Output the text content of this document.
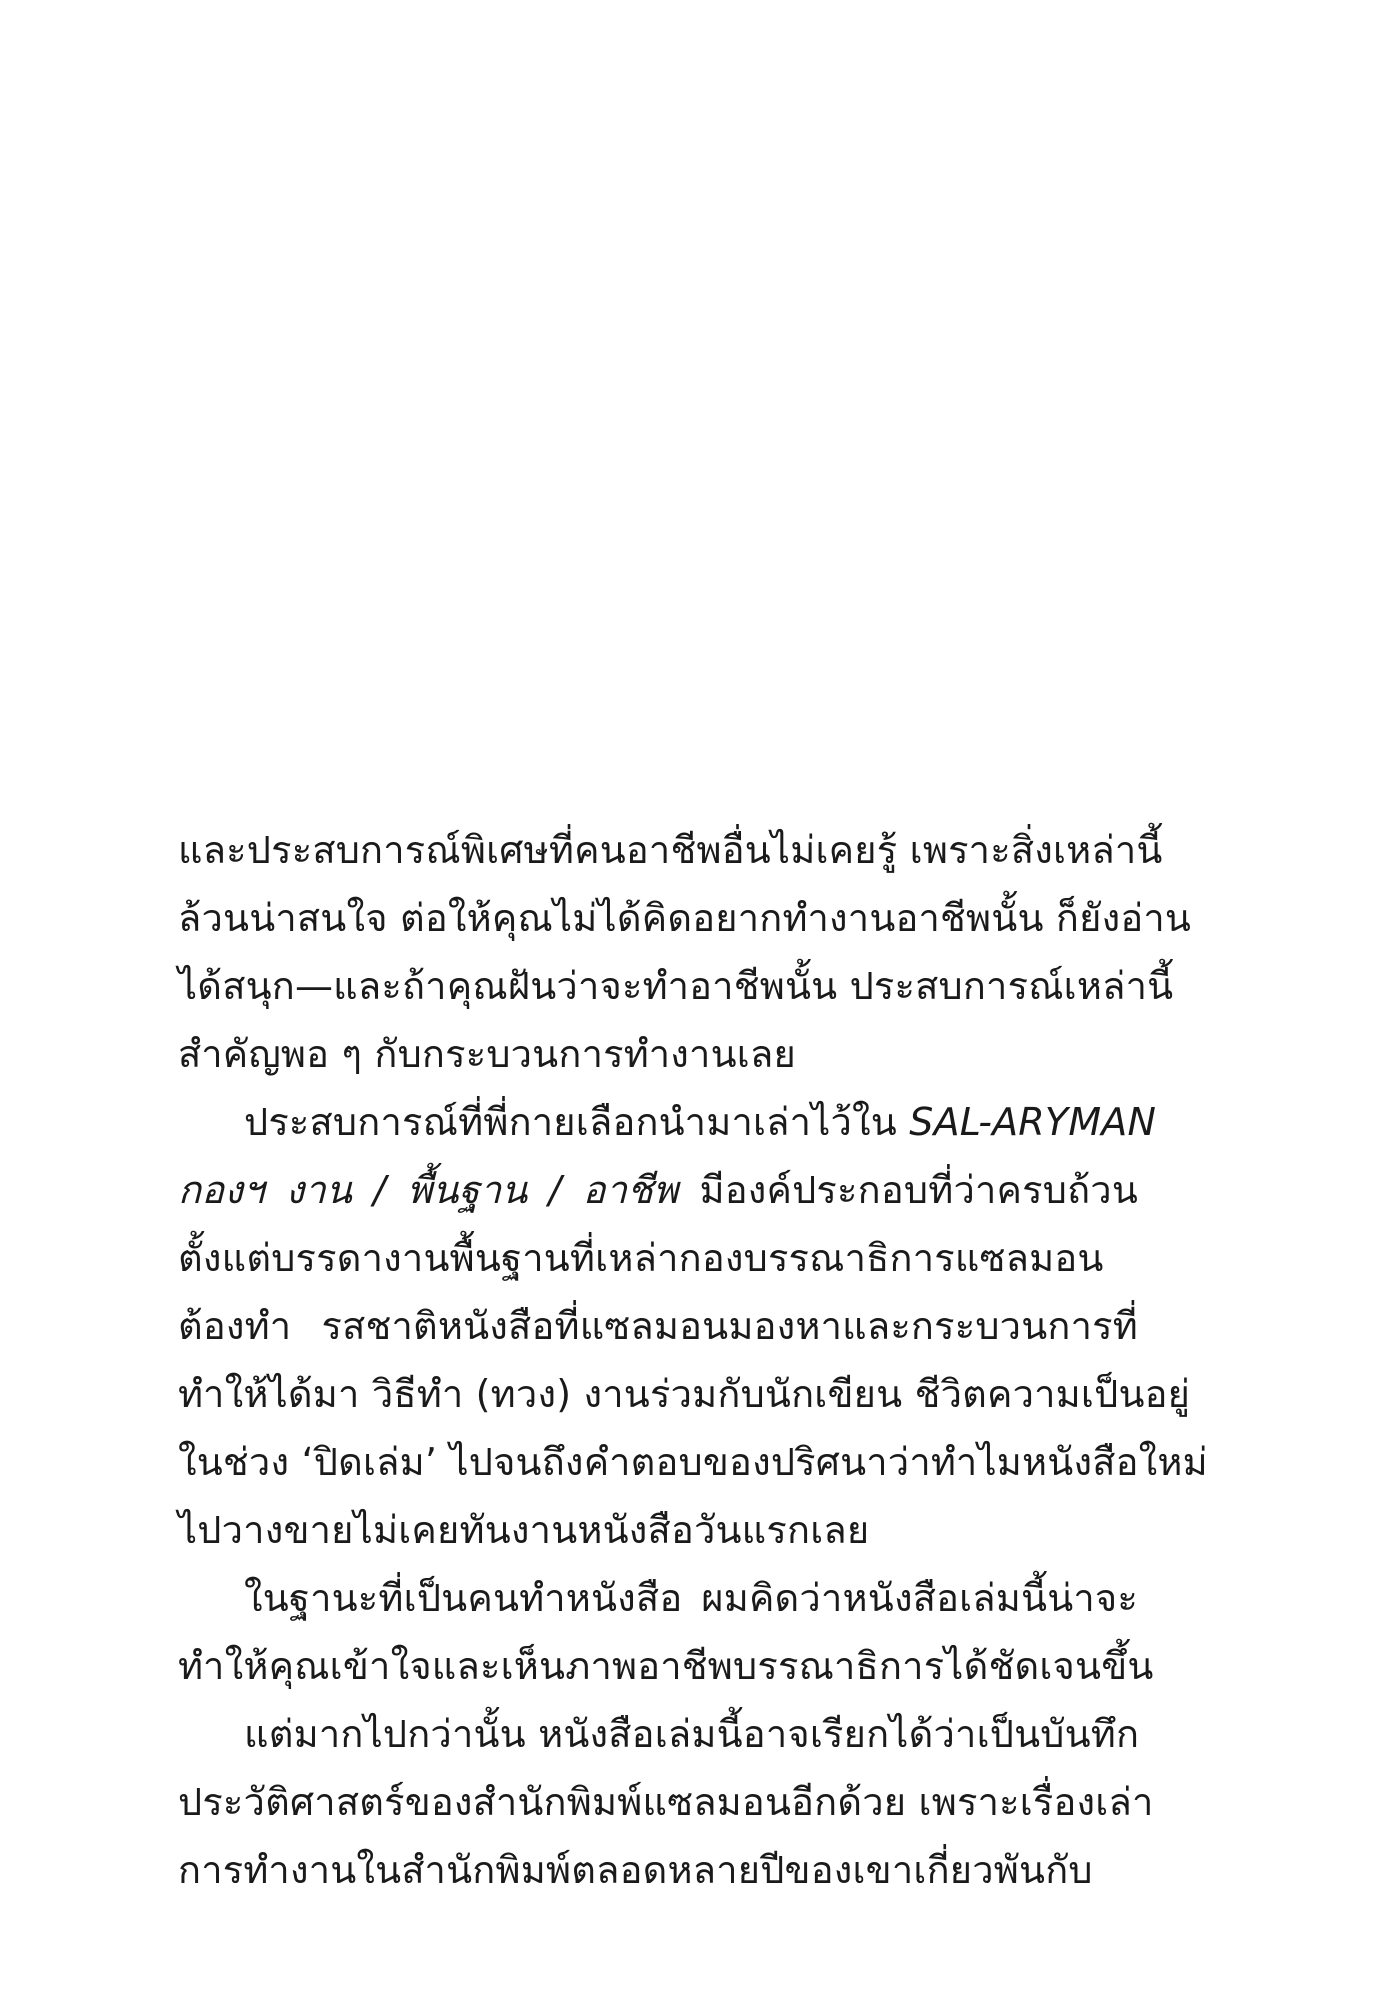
และประสบการณ์พิเศษที่คนอาชีพอื่นไม่เคยรู้ เพราะสิ่งเหล่านี้
ล้วนน่าสนใจ ต่อให้คุณไม่ได้คิดอยากทำงานอาชีพนั้น ก็ยังอ่าน
ได้สนุก—และถ้าคุณฝันว่าจะทำอาชีพนั้น ประสบการณ์เหล่านี้
สำคัญพอ ๆ กับกระบวนการทำงานเลย
ประสบการณ์ที่พี่กายเลือกนำมาเล่าไว้ใน SAL-ARYMAN
กองฯ งาน / พื้นฐาน / อาชีพ มีองค์ประกอบที่ว่าครบถ้วน
ตั้งแต่บรรดางานพื้นฐานที่เหล่ากองบรรณาธิการแซลมอน
ต้องทำ รสชาติหนังสือที่แซลมอนมองหาและกระบวนการที่
ทำให้ได้มา วิธีทำ (ทวง) งานร่วมกับนักเขียน ชีวิตความเป็นอยู่
ในช่วง ‘ปิดเล่ม’ ไปจนถึงคำตอบของปริศนาว่าทำไมหนังสือใหม่
ไปวางขายไม่เคยทันงานหนังสือวันแรกเลย
ในฐานะที่เป็นคนทำหนังสือ ผมคิดว่าหนังสือเล่มนี้น่าจะ
ทำให้คุณเข้าใจและเห็นภาพอาชีพบรรณาธิการได้ชัดเจนขึ้น
แต่มากไปกว่านั้น หนังสือเล่มนี้อาจเรียกได้ว่าเป็นบันทึก
ประวัติศาสตร์ของสำนักพิมพ์แซลมอนอีกด้วย เพราะเรื่องเล่า
การทำงานในสำนักพิมพ์ตลอดหลายปีของเขาเกี่ยวพันกับ
